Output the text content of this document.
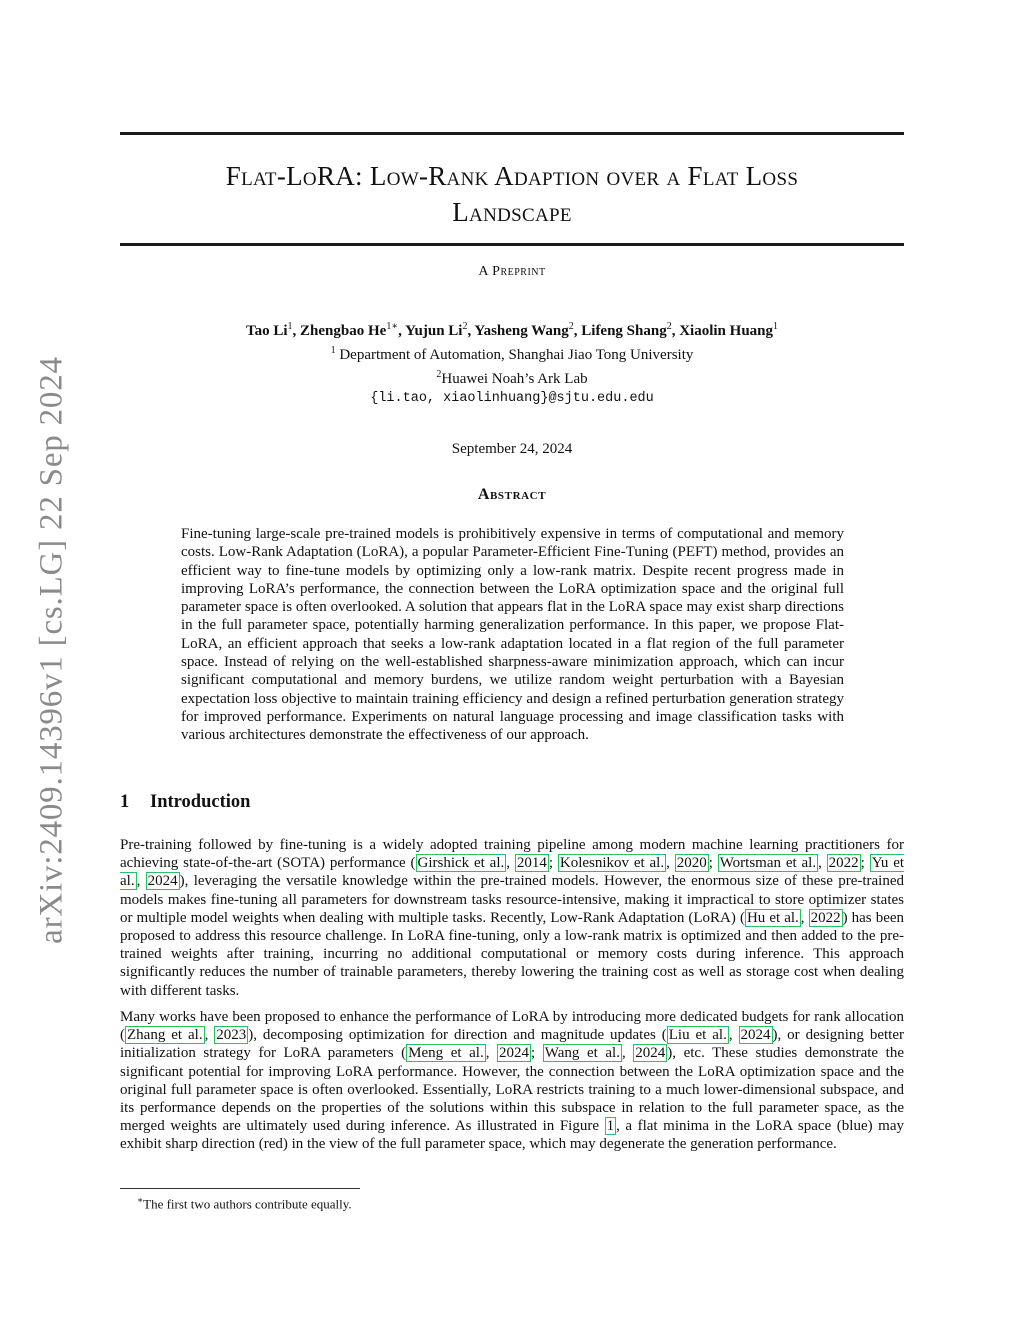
arXiv:2409.14396v1 [cs.LG] 22 Sep 2024
Flat-LoRA: Low-Rank Adaption over a Flat Loss
Landscape
A Preprint
Tao Li$^1$, Zhengbao $He^{1∗}$, Yujun Li$^2$, Yasheng Wang$^2$, Lifeng Shang$^2$, Xiaolin Huang$^1$
$^1$ Department of Automation, Shanghai Jiao Tong University
$^2$Huawei Noah’s Ark Lab
{li.tao, xiaolinhuang}@sjtu.edu.edu
September 24, 2024
Abstract
Fine-tuning large-scale pre-trained models is prohibitively expensive in terms of computational and memory costs. Low-Rank Adaptation (LoRA), a popular Parameter-Efficient Fine-Tuning (PEFT) method, provides an efficient way to fine-tune models by optimizing only a low-rank matrix. Despite recent progress made in improving LoRA’s performance, the connection between the LoRA optimization space and the original full parameter space is often overlooked. A solution that appears flat in the LoRA space may exist sharp directions in the full parameter space, potentially harming generalization performance. In this paper, we propose Flat-LoRA, an efficient approach that seeks a low-rank adaptation located in a flat region of the full parameter space. Instead of relying on the well-established sharpness-aware minimization approach, which can incur significant computational and memory burdens, we utilize random weight perturbation with a Bayesian expectation loss objective to maintain training efficiency and design a refined perturbation generation strategy for improved performance. Experiments on natural language processing and image classification tasks with various architectures demonstrate the effectiveness of our approach.
1 Introduction
Pre-training followed by fine-tuning is a widely adopted training pipeline among modern machine learning practitioners for achieving state-of-the-art (SOTA) performance ( Girshick et al. , 2014 ; Kolesnikov et al. , 2020 ; Wortsman et al. , 2022 ; Yu et al. , 2024 ), leveraging the versatile knowledge within the pre-trained models. However, the enormous size of these pre-trained models makes fine-tuning all parameters for downstream tasks resource-intensive, making it impractical to store optimizer states or multiple model weights when dealing with multiple tasks. Recently, Low-Rank Adaptation (LoRA) ( Hu et al. , 2022 ) has been proposed to address this resource challenge. In LoRA fine-tuning, only a low-rank matrix is optimized and then added to the pre-trained weights after training, incurring no additional computational or memory costs during inference. This approach significantly reduces the number of trainable parameters, thereby lowering the training cost as well as storage cost when dealing with different tasks.
Many works have been proposed to enhance the performance of LoRA by introducing more dedicated budgets for rank allocation ( Zhang et al. , 2023 ), decomposing optimization for direction and magnitude updates ( Liu et al. , 2024 ), or designing better initialization strategy for LoRA parameters ( Meng et al. , 2024 ; Wang et al. , 2024 ), etc. These studies demonstrate the significant potential for improving LoRA performance. However, the connection between the LoRA optimization space and the original full parameter space is often overlooked. Essentially, LoRA restricts training to a much lower-dimensional subspace, and its performance depends on the properties of the solutions within this subspace in relation to the full parameter space, as the merged weights are ultimately used during inference. As illustrated in Figure 1 , a flat minima in the LoRA space (blue) may exhibit sharp direction (red) in the view of the full parameter space, which may degenerate the generation performance.
∗The first two authors contribute equally.
